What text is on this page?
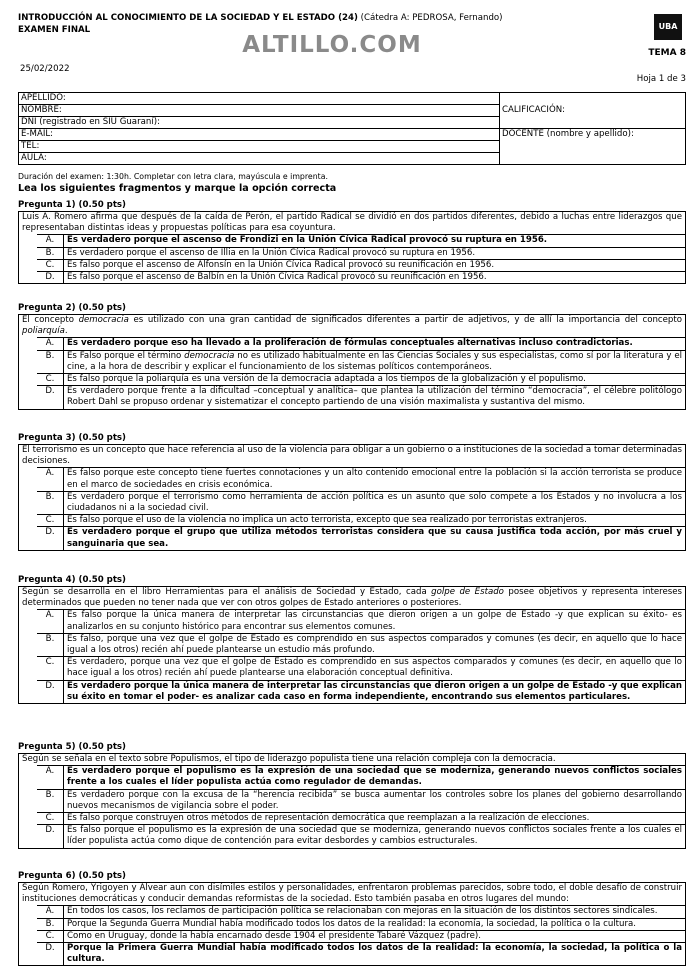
ALTILLO.COM
INTRODUCCIÓN AL CONOCIMIENTO DE LA SOCIEDAD Y EL ESTADO (24) (Cátedra A: PEDROSA, Fernando)
EXAMEN FINAL
25/02/2022
UBA
TEMA 8
Hoja 1 de 3
APELLIDO:	CALIFICACIÓN:
NOMBRE:	
DNI (registrado en SIU Guaraní):	
E-MAIL:	DOCENTE (nombre y apellido):
TEL:	
AULA:	
Duración del examen: 1:30h. Completar con letra clara, mayúscula e imprenta.
Lea los siguientes fragmentos y marque la opción correcta
Pregunta 1) (0.50 pts)
Luis A. Romero afirma que después de la caída de Perón, el partido Radical se dividió en dos partidos diferentes, debido a luchas entre liderazgos que representaban distintas ideas y propuestas políticas para esa coyuntura.
A.	Es verdadero porque el ascenso de Frondizi en la Unión Cívica Radical provocó su ruptura en 1956.
B.	Es verdadero porque el ascenso de Illia en la Unión Cívica Radical provocó su ruptura en 1956.
C.	Es falso porque el ascenso de Alfonsín en la Unión Cívica Radical provocó su reunificación en 1956.
D.	Es falso porque el ascenso de Balbín en la Unión Cívica Radical provocó su reunificación en 1956.
Pregunta 2) (0.50 pts)
El concepto democracia es utilizado con una gran cantidad de significados diferentes a partir de adjetivos, y de allí la importancia del concepto poliarquía.
A.	Es verdadero porque eso ha llevado a la proliferación de fórmulas conceptuales alternativas incluso contradictorias.
B.	Es Falso porque el término democracia no es utilizado habitualmente en las Ciencias Sociales y sus especialistas, como sí por la literatura y el cine, a la hora de describir y explicar el funcionamiento de los sistemas políticos contemporáneos.
C.	Es falso porque la poliarquía es una versión de la democracia adaptada a los tiempos de la globalización y el populismo.
D.	Es verdadero porque frente a la dificultad –conceptual y analítica– que plantea la utilización del término “democracia”, el célebre politólogo Robert Dahl se propuso ordenar y sistematizar el concepto partiendo de una visión maximalista y sustantiva del mismo.
Pregunta 3) (0.50 pts)
El terrorismo es un concepto que hace referencia al uso de la violencia para obligar a un gobierno o a instituciones de la sociedad a tomar determinadas decisiones.
A.	Es falso porque este concepto tiene fuertes connotaciones y un alto contenido emocional entre la población si la acción terrorista se produce en el marco de sociedades en crisis económica.
B.	Es verdadero porque el terrorismo como herramienta de acción política es un asunto que solo compete a los Estados y no involucra a los ciudadanos ni a la sociedad civil.
C.	Es falso porque el uso de la violencia no implica un acto terrorista, excepto que sea realizado por terroristas extranjeros.
D.	Es verdadero porque el grupo que utiliza métodos terroristas considera que su causa justifica toda acción, por más cruel y sanguinaria que sea.
Pregunta 4) (0.50 pts)
Según se desarrolla en el libro Herramientas para el análisis de Sociedad y Estado, cada golpe de Estado posee objetivos y representa intereses determinados que pueden no tener nada que ver con otros golpes de Estado anteriores o posteriores.
A.	Es falso porque la única manera de interpretar las circunstancias que dieron origen a un golpe de Estado -y que explican su éxito- es analizarlos en su conjunto histórico para encontrar sus elementos comunes.
B.	Es falso, porque una vez que el golpe de Estado es comprendido en sus aspectos comparados y comunes (es decir, en aquello que lo hace igual a los otros) recién ahí puede plantearse un estudio más profundo.
C.	Es verdadero, porque una vez que el golpe de Estado es comprendido en sus aspectos comparados y comunes (es decir, en aquello que lo hace igual a los otros) recién ahí puede plantearse una elaboración conceptual definitiva.
D.	Es verdadero porque la única manera de interpretar las circunstancias que dieron origen a un golpe de Estado -y que explican su éxito en tomar el poder- es analizar cada caso en forma independiente, encontrando sus elementos particulares.
Pregunta 5) (0.50 pts)
Según se señala en el texto sobre Populismos, el tipo de liderazgo populista tiene una relación compleja con la democracia.
A.	Es verdadero porque el populismo es la expresión de una sociedad que se moderniza, generando nuevos conflictos sociales frente a los cuales el líder populista actúa como regulador de demandas.
B.	Es verdadero porque con la excusa de la “herencia recibida” se busca aumentar los controles sobre los planes del gobierno desarrollando nuevos mecanismos de vigilancia sobre el poder.
C.	Es falso porque construyen otros métodos de representación democrática que reemplazan a la realización de elecciones.
D.	Es falso porque el populismo es la expresión de una sociedad que se moderniza, generando nuevos conflictos sociales frente a los cuales el líder populista actúa como dique de contención para evitar desbordes y cambios estructurales.
Pregunta 6) (0.50 pts)
Según Romero, Yrigoyen y Alvear aun con disímiles estilos y personalidades, enfrentaron problemas parecidos, sobre todo, el doble desafío de construir instituciones democráticas y conducir demandas reformistas de la sociedad. Esto también pasaba en otros lugares del mundo:
A.	En todos los casos, los reclamos de participación política se relacionaban con mejoras en la situación de los distintos sectores sindicales.
B.	Porque la Segunda Guerra Mundial había modificado todos los datos de la realidad: la economía, la sociedad, la política o la cultura.
C.	Como en Uruguay, donde la había encarnado desde 1904 el presidente Tabaré Vázquez (padre).
D.	Porque la Primera Guerra Mundial había modificado todos los datos de la realidad: la economía, la sociedad, la política o la cultura.
